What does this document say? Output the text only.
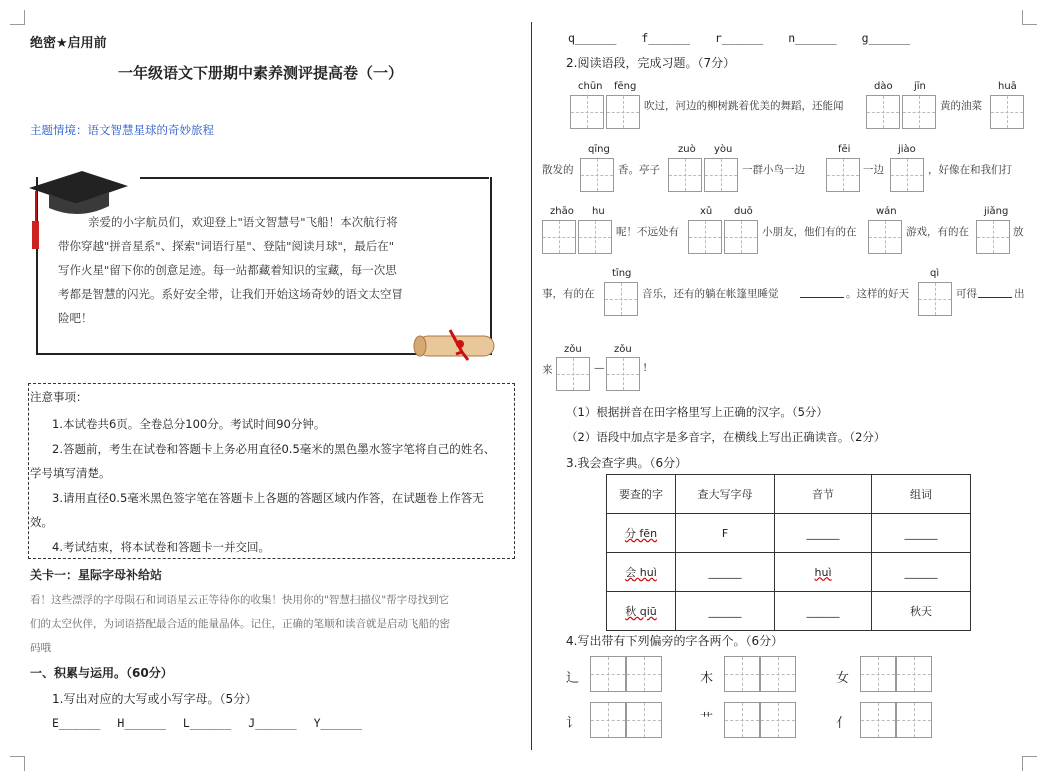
绝密★启用前
一年级语文下册期中素养测评提高卷（一）
主题情境：语文智慧星球的奇妙旅程
亲爱的小字航员们，欢迎登上"语文智慧号"飞船！本次航行将
带你穿越"拼音星系"、探索"词语行星"、登陆"阅读月球"，最后在"
写作火星"留下你的创意足迹。每一站都藏着知识的宝藏，每一次思
考都是智慧的闪光。系好安全带，让我们开始这场奇妙的语文太空冒
险吧！
注意事项：
1.本试卷共6页。全卷总分100分。考试时间90分钟。
2.答题前，考生在试卷和答题卡上务必用直径0.5毫米的黑色墨水签字笔将自己的姓名、
学号填写清楚。
3.请用直径0.5毫米黑色签字笔在答题卡上各题的答题区域内作答，在试题卷上作答无
效。
4.考试结束，将本试卷和答题卡一并交回。
关卡一：星际字母补给站
看！这些漂浮的字母陨石和词语星云正等待你的收集！快用你的"智慧扫描仪"帮字母找到它
们的太空伙伴，为词语搭配最合适的能量晶体。记住，正确的笔顺和读音就是启动飞船的密
码哦
一、积累与运用。（60分）
1.写出对应的大写或小写字母。（5分）
E______ H______ L______ J______ Y______
q______ f______ r______ n______ g______
2.阅读语段，完成习题。（7分）
chūn fēng
吹过，河边的柳树跳着优美的舞蹈，还能闻
dào jīn
黄的油菜
huā
散发的
qīng
香。亭子
zuò yòu
一群小鸟一边
fēi
一边
jiào
，好像在和我们打
zhāo hu
呢！不远处有
xǔ duō
小朋友，他们有的在
wán
游戏，有的在
jiǎng
放
事，有的在
tīng
音乐，还有的躺在帐篷里睡觉	。这样的好天
qì
可得	出
来
zǒu
—
zǒu
!
（1）根据拼音在田字格里写上正确的汉字。（5分）
（2）语段中加点字是多音字，在横线上写出正确读音。（2分）
3.我会查字典。（6分）
要查的字	查大写字母	音节	组词
分 fēn	F	______	______
会 huì	______	huì	______
秋 qiū	______	______	秋天
4.写出带有下列偏旁的字各两个。（6分）
辶	木	女
讠	艹	亻
